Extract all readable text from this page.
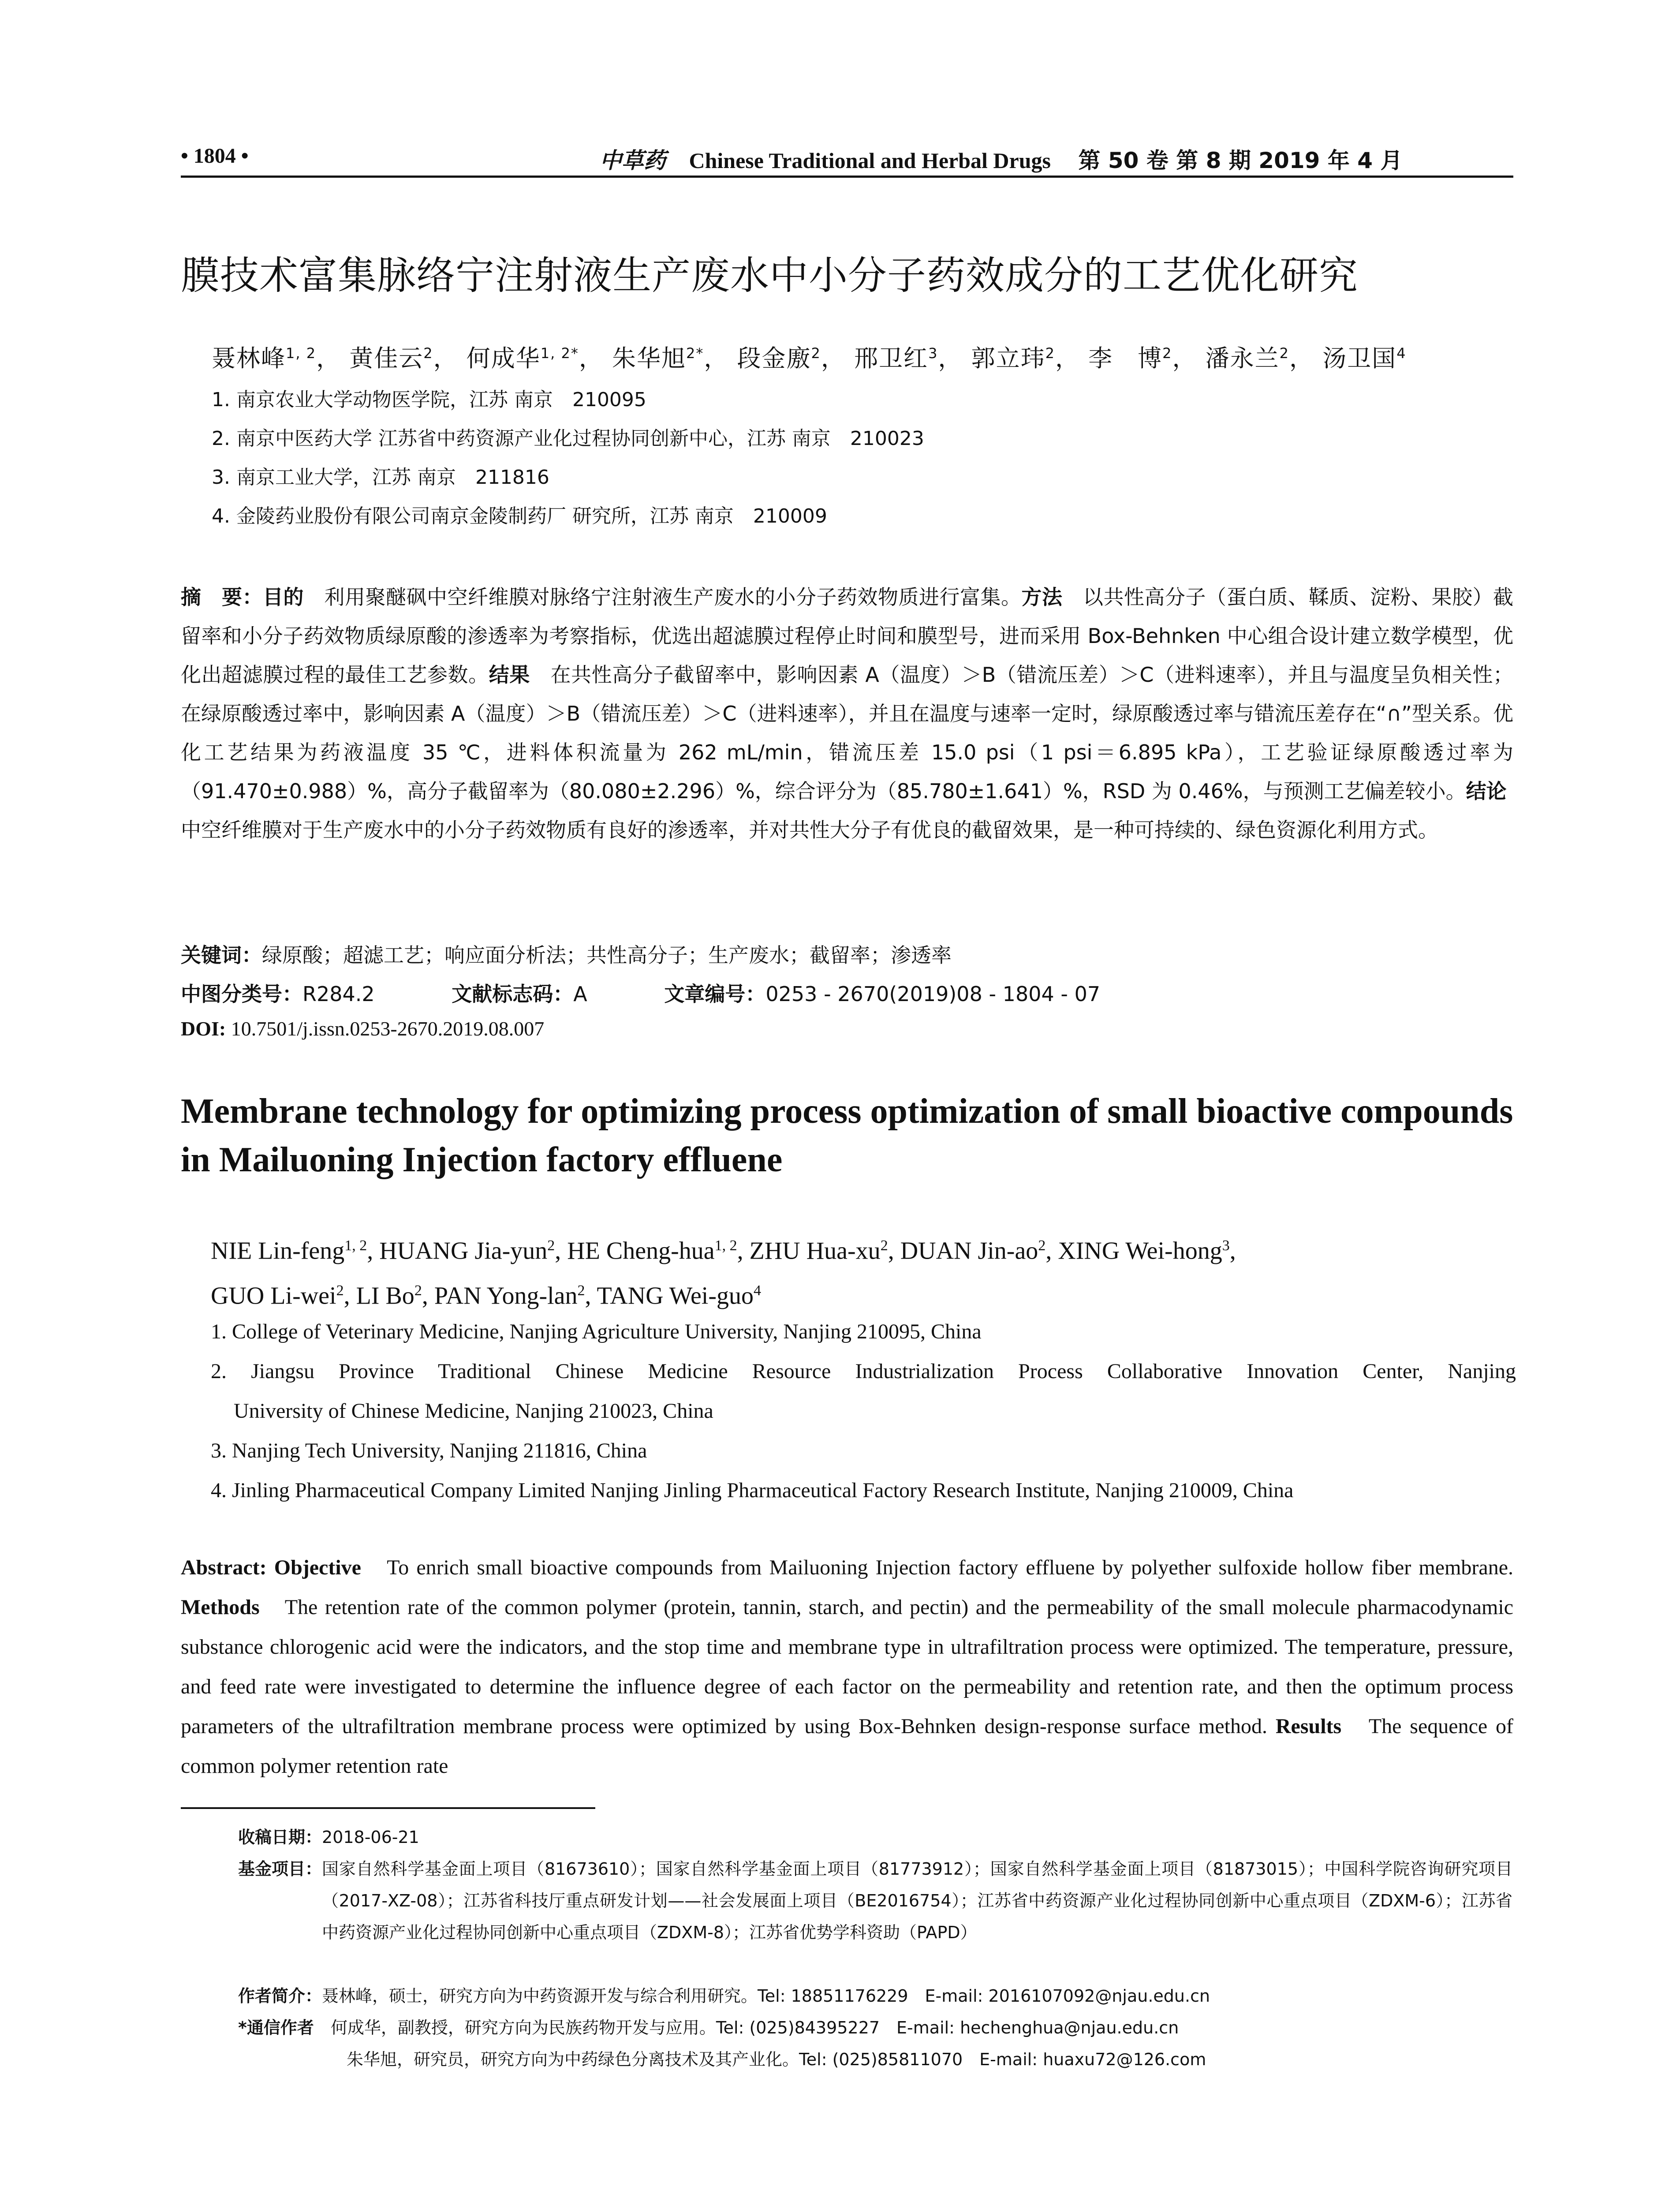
• 1804 •	中草药 Chinese Traditional and Herbal Drugs 第 50 卷 第 8 期 2019 年 4 月
膜技术富集脉络宁注射液生产废水中小分子药效成分的工艺优化研究
聂林峰$^{1, 2}$， 黄佳云$^2$， 何成华$^{1, 2*}$， 朱华旭$^{2*}$， 段金廒$^2$， 邢卫红$^3$， 郭立玮$^2$， 李　博$^2$， 潘永兰$^2$， 汤卫国$^4$
1. 南京农业大学动物医学院，江苏 南京　210095
2. 南京中医药大学 江苏省中药资源产业化过程协同创新中心，江苏 南京　210023
3. 南京工业大学，江苏 南京　211816
4. 金陵药业股份有限公司南京金陵制药厂 研究所，江苏 南京　210009
摘　要：目的　利用聚醚砜中空纤维膜对脉络宁注射液生产废水的小分子药效物质进行富集。方法　以共性高分子（蛋白质、鞣质、淀粉、果胶）截留率和小分子药效物质绿原酸的渗透率为考察指标，优选出超滤膜过程停止时间和膜型号，进而采用 Box-Behnken 中心组合设计建立数学模型，优化出超滤膜过程的最佳工艺参数。结果　在共性高分子截留率中，影响因素 A（温度）＞B（错流压差）＞C（进料速率），并且与温度呈负相关性；在绿原酸透过率中，影响因素 A（温度）＞B（错流压差）＞C（进料速率），并且在温度与速率一定时，绿原酸透过率与错流压差存在“∩”型关系。优化工艺结果为药液温度 35 ℃，进料体积流量为 262 mL/min，错流压差 15.0 psi（1 psi＝6.895 kPa），工艺验证绿原酸透过率为（91.470±0.988）%，高分子截留率为（80.080±2.296）%，综合评分为（85.780±1.641）%，RSD 为 0.46%，与预测工艺偏差较小。结论　中空纤维膜对于生产废水中的小分子药效物质有良好的渗透率，并对共性大分子有优良的截留效果，是一种可持续的、绿色资源化利用方式。
关键词：绿原酸；超滤工艺；响应面分析法；共性高分子；生产废水；截留率；渗透率
中图分类号：R284.2	文献标志码：A	文章编号：0253 - 2670(2019)08 - 1804 - 07
DOI: 10.7501/j.issn.0253-2670.2019.08.007
Membrane technology for optimizing process optimization of small bioactive compounds in Mailuoning Injection factory effluene
NIE Lin-feng$^{1, 2}$, HUANG Jia-yun$^2$, HE Cheng-hua$^{1, 2}$, ZHU Hua-$xu^2$, DUAN Jin-$ao^2$, XING Wei-hong$^3$,
GUO Li-wei$^2$, LI Bo$^2$, PAN Yong-lan$^2$, TANG Wei-guo$^4$
1. College of Veterinary Medicine, Nanjing Agriculture University, Nanjing 210095, China
2. Jiangsu Province Traditional Chinese Medicine Resource Industrialization Process Collaborative Innovation Center, Nanjing
University of Chinese Medicine, Nanjing 210023, China
3. Nanjing Tech University, Nanjing 211816, China
4. Jinling Pharmaceutical Company Limited Nanjing Jinling Pharmaceutical Factory Research Institute, Nanjing 210009, China
Abstract: Objective　To enrich small bioactive compounds from Mailuoning Injection factory effluene by polyether sulfoxide hollow fiber membrane. Methods　The retention rate of the common polymer (protein, tannin, starch, and pectin) and the permeability of the small molecule pharmacodynamic substance chlorogenic acid were the indicators, and the stop time and membrane type in ultrafiltration process were optimized. The temperature, pressure, and feed rate were investigated to determine the influence degree of each factor on the permeability and retention rate, and then the optimum process parameters of the ultrafiltration membrane process were optimized by using Box-Behnken design-response surface method. Results　The sequence of common polymer retention rate
收稿日期：2018-06-21
基金项目： 国家自然科学基金面上项目（81673610）；国家自然科学基金面上项目（81773912）；国家自然科学基金面上项目（81873015）；中国科学院咨询研究项目（2017-XZ-08）；江苏省科技厅重点研发计划——社会发展面上项目（BE2016754）；江苏省中药资源产业化过程协同创新中心重点项目（ZDXM-6）；江苏省中药资源产业化过程协同创新中心重点项目（ZDXM-8）；江苏省优势学科资助（PAPD）
作者简介：聂林峰，硕士，研究方向为中药资源开发与综合利用研究。Tel: 18851176229　E-mail: 2016107092@njau.edu.cn
*通信作者　何成华，副教授，研究方向为民族药物开发与应用。Tel: (025)84395227　E-mail: hechenghua@njau.edu.cn
朱华旭，研究员，研究方向为中药绿色分离技术及其产业化。Tel: (025)85811070　E-mail: huaxu72@126.com
